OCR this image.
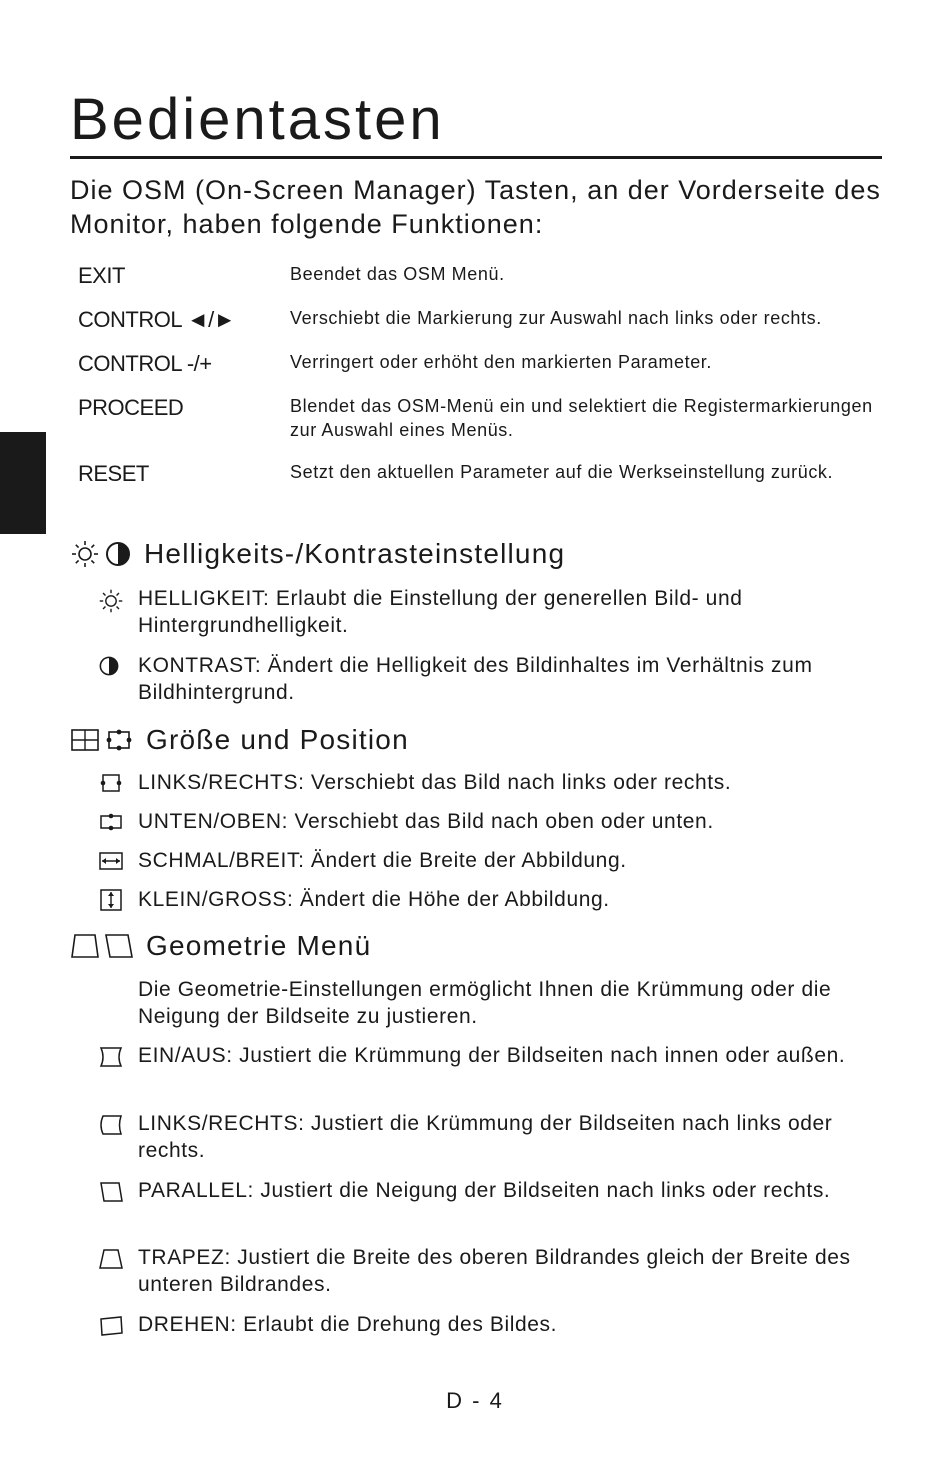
Bedientasten
Die OSM (On-Screen Manager) Tasten, an der Vorderseite des Monitor, haben folgende Funktionen:
EXIT	Beendet das OSM Menü.
CONTROL ◄/►	Verschiebt die Markierung zur Auswahl nach links oder rechts.
CONTROL -/+	Verringert oder erhöht den markierten Parameter.
PROCEED	Blendet das OSM-Menü ein und selektiert die Registermarkierungen zur Auswahl eines Menüs.
RESET	Setzt den aktuellen Parameter auf die Werkseinstellung zurück.
Helligkeits-/Kontrasteinstellung
HELLIGKEIT: Erlaubt die Einstellung der generellen Bild- und Hintergrundhelligkeit.
KONTRAST: Ändert die Helligkeit des Bildinhaltes im Verhältnis zum Bildhintergrund.
Größe und Position
LINKS/RECHTS: Verschiebt das Bild nach links oder rechts.
UNTEN/OBEN: Verschiebt das Bild nach oben oder unten.
SCHMAL/BREIT: Ändert die Breite der Abbildung.
KLEIN/GROSS: Ändert die Höhe der Abbildung.
Geometrie Menü
Die Geometrie-Einstellungen ermöglicht Ihnen die Krümmung oder die Neigung der Bildseite zu justieren.
EIN/AUS: Justiert die Krümmung der Bildseiten nach innen oder außen.
LINKS/RECHTS: Justiert die Krümmung der Bildseiten nach links oder rechts.
PARALLEL: Justiert die Neigung der Bildseiten nach links oder rechts.
TRAPEZ: Justiert die Breite des oberen Bildrandes gleich der Breite des unteren Bildrandes.
DREHEN: Erlaubt die Drehung des Bildes.
D - 4
